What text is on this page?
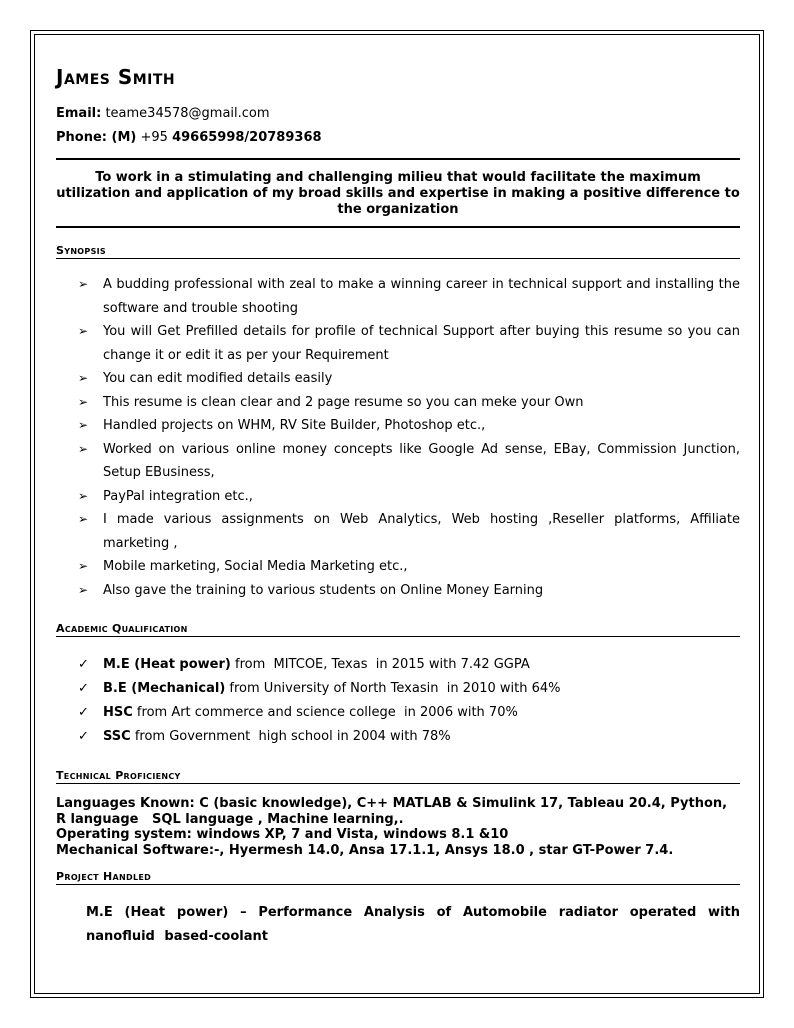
James Smith
Email: teame34578@gmail.com
Phone: (M) +95 49665998/20789368
To work in a stimulating and challenging milieu that would facilitate the maximum utilization and application of my broad skills and expertise in making a positive difference to the organization
Synopsis
➢ A budding professional with zeal to make a winning career in technical support and installing the software and trouble shooting
➢ You will Get Prefilled details for profile of technical Support after buying this resume so you can change it or edit it as per your Requirement
➢ You can edit modified details easily
➢ This resume is clean clear and 2 page resume so you can meke your Own
➢ Handled projects on WHM, RV Site Builder, Photoshop etc.,
➢ Worked on various online money concepts like Google Ad sense, EBay, Commission Junction, Setup EBusiness,
➢ PayPal integration etc.,
➢ I made various assignments on Web Analytics, Web hosting ,Reseller platforms, Affiliate marketing ,
➢ Mobile marketing, Social Media Marketing etc.,
➢ Also gave the training to various students on Online Money Earning
Academic Qualification
✓ M.E (Heat power) from  MITCOE, Texas  in 2015 with 7.42 GGPA
✓ B.E (Mechanical) from University of North Texasin  in 2010 with 64%
✓ HSC from Art commerce and science college  in 2006 with 70%
✓ SSC from Government  high school in 2004 with 78%
Technical Proficiency
Languages Known: C (basic knowledge), C++ MATLAB & Simulink 17, Tableau 20.4, Python,
R language   SQL language , Machine learning,.
Operating system: windows XP, 7 and Vista, windows 8.1 &10
Mechanical Software:-, Hyermesh 14.0, Ansa 17.1.1, Ansys 18.0 , star GT-Power 7.4.
Project Handled
M.E (Heat power) – Performance Analysis of Automobile radiator operated with nanofluid based-coolant
